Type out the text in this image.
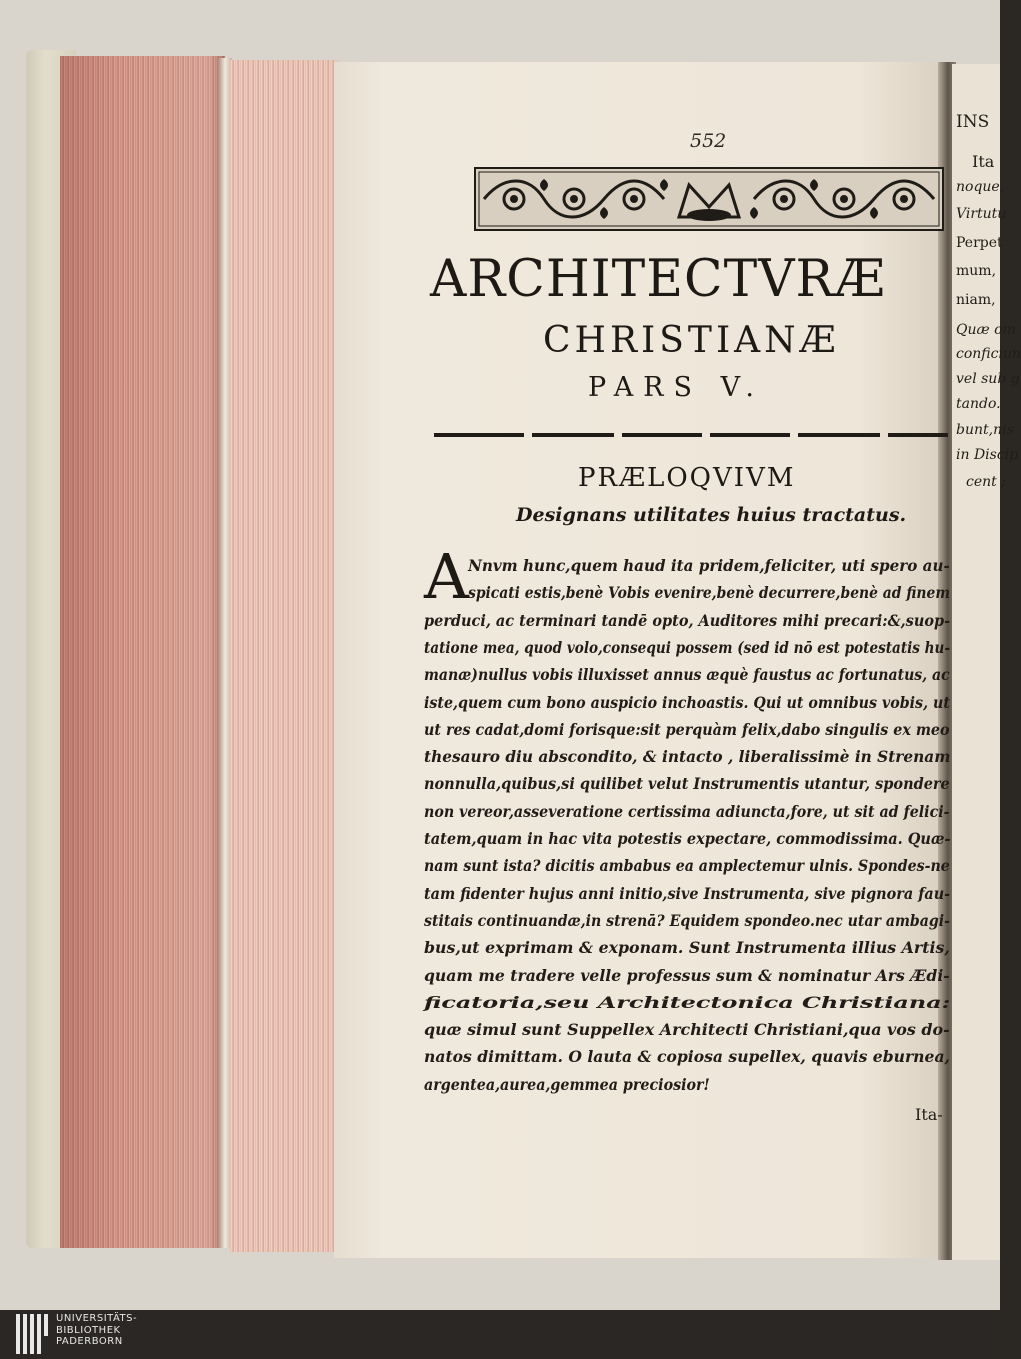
INS
Ita
noque,
Virtutu
Perpet
mum,
niam,
Quæ om
conficiun
vel sub g
tando.
bunt,nis
in Discip
cent ;
552
ARCHITECTVRÆ
CHRISTIANÆ
PARS V.
PRÆLOQVIVM
Designans utilitates huius tractatus.
A Nnvm hunc,quem haud ita pridem,feliciter, uti spero au-
spicati estis,benè Vobis evenire,benè decurrere,benè ad finem
perduci, ac terminari tandē opto, Auditores mihi precari:&,suop-
tatione mea, quod volo,consequi possem (sed id nō est potestatis hu-
manæ)nullus vobis illuxisset annus æquè faustus ac fortunatus, ac
iste,quem cum bono auspicio inchoastis. Qui ut omnibus vobis, ut
ut res cadat,domi forisque:sit perquàm felix,dabo singulis ex meo
thesauro diu abscondito, & intacto , liberalissimè in Strenam
nonnulla,quibus,si quilibet velut Instrumentis utantur, spondere
non vereor,asseveratione certissima adiuncta,fore, ut sit ad felici-
tatem,quam in hac vita potestis expectare, commodissima. Quæ-
nam sunt ista? dicitis ambabus ea amplectemur ulnis. Spondes-ne
tam fidenter hujus anni initio,sive Instrumenta, sive pignora fau-
stitais continuandæ,in strenā? Equidem spondeo.nec utar ambagi-
bus,ut exprimam & exponam. Sunt Instrumenta illius Artis,
quam me tradere velle professus sum & nominatur Ars Ædi-
ficatoria,seu Architectonica Christiana:
quæ simul sunt Suppellex Architecti Christiani,qua vos do-
natos dimittam. O lauta & copiosa supellex, quavis eburnea,
argentea,aurea,gemmea preciosior!
Ita-
UNIVERSITÄTS-
BIBLIOTHEK
PADERBORN
